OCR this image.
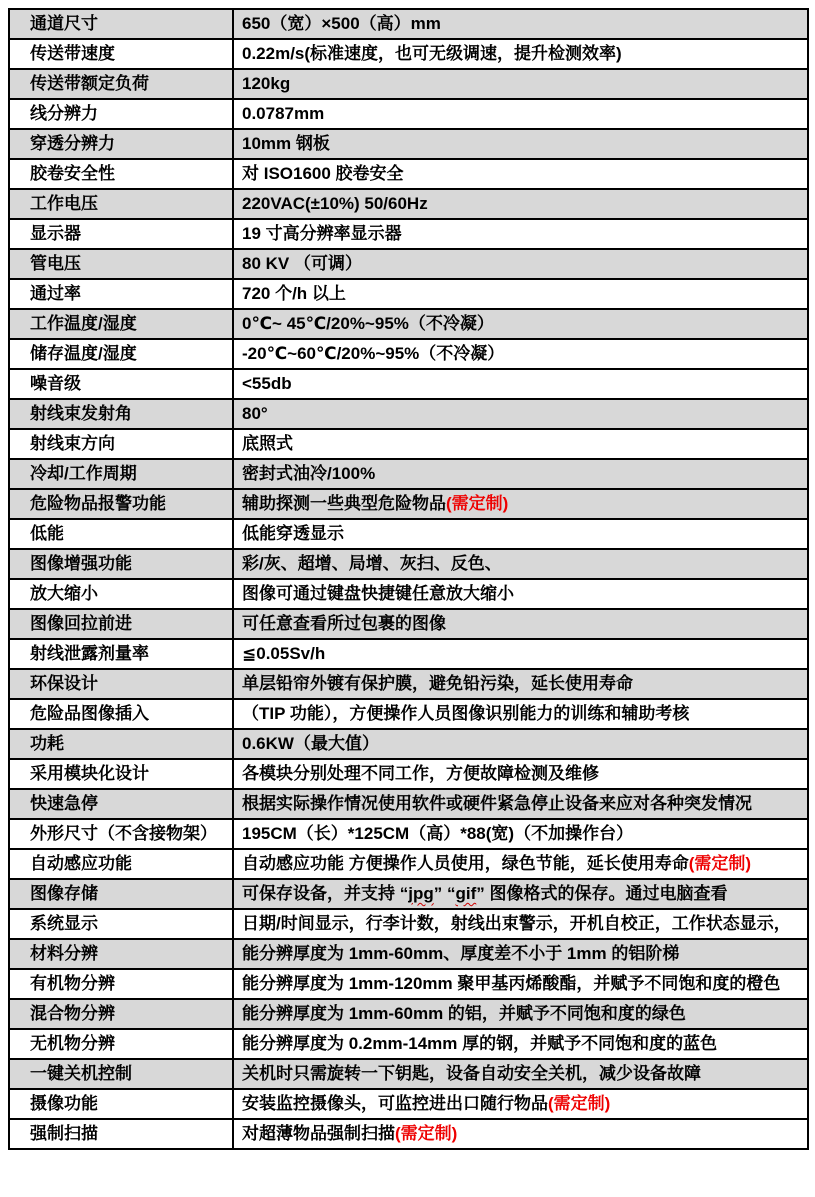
通道尺寸	650（宽）×500（高）mm
传送带速度	0.22m/s(标准速度，也可无级调速，提升检测效率)
传送带额定负荷	120kg
线分辨力	0.0787mm
穿透分辨力	10mm 钢板
胶卷安全性	对 ISO1600 胶卷安全
工作电压	220VAC(±10%) 50/60Hz
显示器	19 寸高分辨率显示器
管电压	80 KV （可调）
通过率	720 个/h 以上
工作温度/湿度	0℃~ 45℃/20%~95%（不冷凝）
储存温度/湿度	-20℃~60℃/20%~95%（不冷凝）
噪音级	<55db
射线束发射角	80°
射线束方向	底照式
冷却/工作周期	密封式油冷/100%
危险物品报警功能	辅助探测一些典型危险物品(需定制)
低能	低能穿透显示
图像增强功能	彩/灰、超增、局增、灰扫、反色、
放大缩小	图像可通过键盘快捷键任意放大缩小
图像回拉前进	可任意查看所过包裹的图像
射线泄露剂量率	≦0.05Sv/h
环保设计	单层铅帘外镀有保护膜，避免铅污染，延长使用寿命
危险品图像插入	（TIP 功能），方便操作人员图像识别能力的训练和辅助考核
功耗	0.6KW（最大值）
采用模块化设计	各模块分别处理不同工作，方便故障检测及维修
快速急停	根据实际操作情况使用软件或硬件紧急停止设备来应对各种突发情况
外形尺寸（不含接物架）	195CM（长）*125CM（高）*88(宽)（不加操作台）
自动感应功能	自动感应功能 方便操作人员使用，绿色节能，延长使用寿命(需定制)
图像存储	可保存设备，并支持 “jpg” “gif” 图像格式的保存。通过电脑查看
系统显示	日期/时间显示，行李计数，射线出束警示，开机自校正，工作状态显示，
材料分辨	能分辨厚度为 1mm-60mm、厚度差不小于 1mm 的铝阶梯
有机物分辨	能分辨厚度为 1mm-120mm 聚甲基丙烯酸酯，并赋予不同饱和度的橙色
混合物分辨	能分辨厚度为 1mm-60mm 的铝，并赋予不同饱和度的绿色
无机物分辨	能分辨厚度为 0.2mm-14mm 厚的钢，并赋予不同饱和度的蓝色
一键关机控制	关机时只需旋转一下钥匙，设备自动安全关机，减少设备故障
摄像功能	安装监控摄像头，可监控进出口随行物品(需定制)
强制扫描	对超薄物品强制扫描(需定制)
